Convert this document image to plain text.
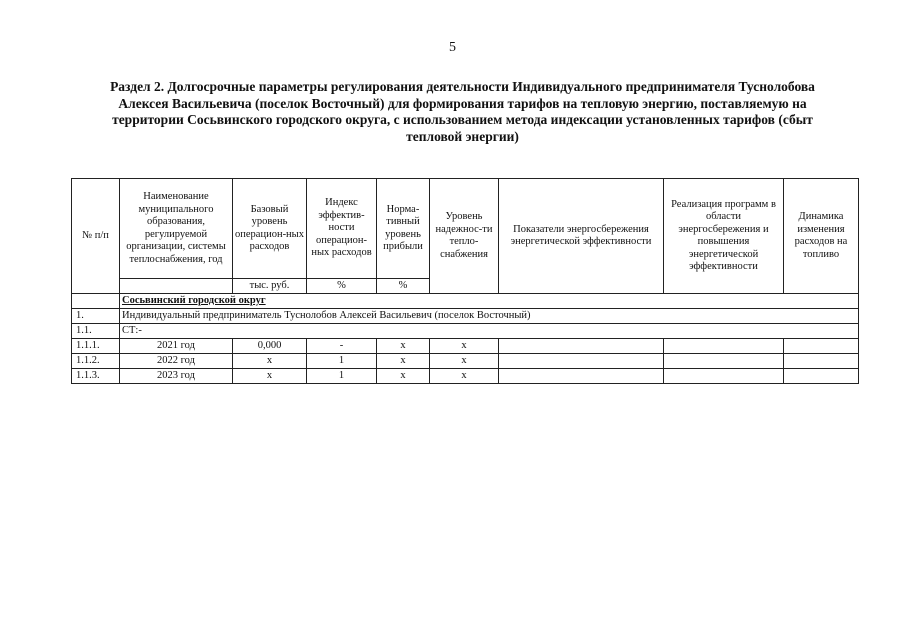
5
Раздел 2. Долгосрочные параметры регулирования деятельности Индивидуального предпринимателя Туснолобова Алексея Васильевича (поселок Восточный) для формирования тарифов на тепловую энергию, поставляемую на территории Сосьвинского городского округа, с использованием метода индексации установленных тарифов (сбыт тепловой энергии)
№ п/п	Наименование муниципального образования, регулируемой организации, системы теплоснабжения, год	Базовый уровень операцион-ных расходов	Индекс эффектив-ности операцион-ных расходов	Норма-тивный уровень прибыли	Уровень надежнос-ти тепло-снабжения	Показатели энергосбережения энергетической эффективности	Реализация программ в области энергосбережения и повышения энергетической эффективности	Динамика изменения расходов на топливо
		тыс. руб.	%	%				
	Сосьвинский городской округ							
1.	Индивидуальный предприниматель Туснолобов Алексей Васильевич (поселок Восточный)							
1.1.	СТ:-							
1.1.1.	2021 год	0,000	-	х	х			
1.1.2.	2022 год	х	1	х	х			
1.1.3.	2023 год	х	1	х	х			
